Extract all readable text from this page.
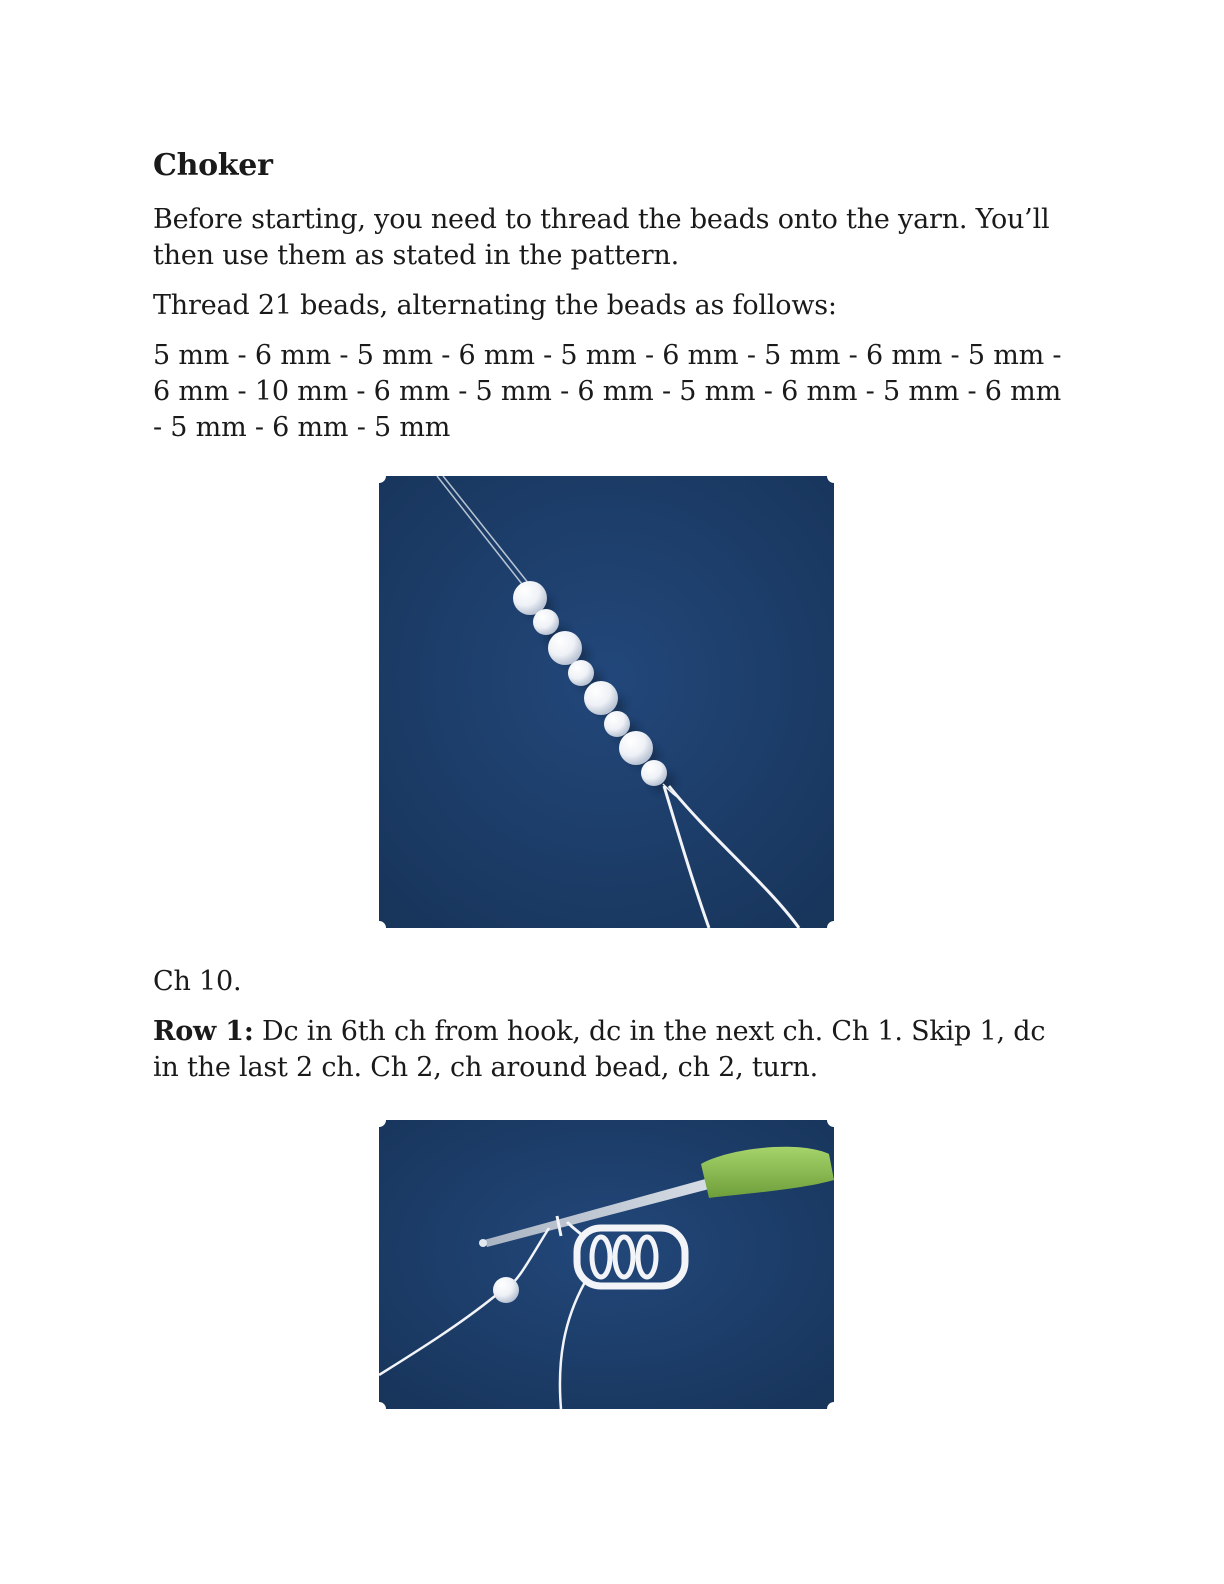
Choker

Before starting, you need to thread the beads onto the yarn. You’ll then use them as stated in the pattern.

Thread 21 beads, alternating the beads as follows:

5 mm - 6 mm - 5 mm - 6 mm - 5 mm - 6 mm - 5 mm - 6 mm - 5 mm - 6 mm - 10 mm - 6 mm - 5 mm - 6 mm - 5 mm - 6 mm - 5 mm - 6 mm - 5 mm - 6 mm - 5 mm

Ch 10.

Row 1: Dc in 6th ch from hook, dc in the next ch. Ch 1. Skip 1, dc in the last 2 ch. Ch 2, ch around bead, ch 2, turn.
